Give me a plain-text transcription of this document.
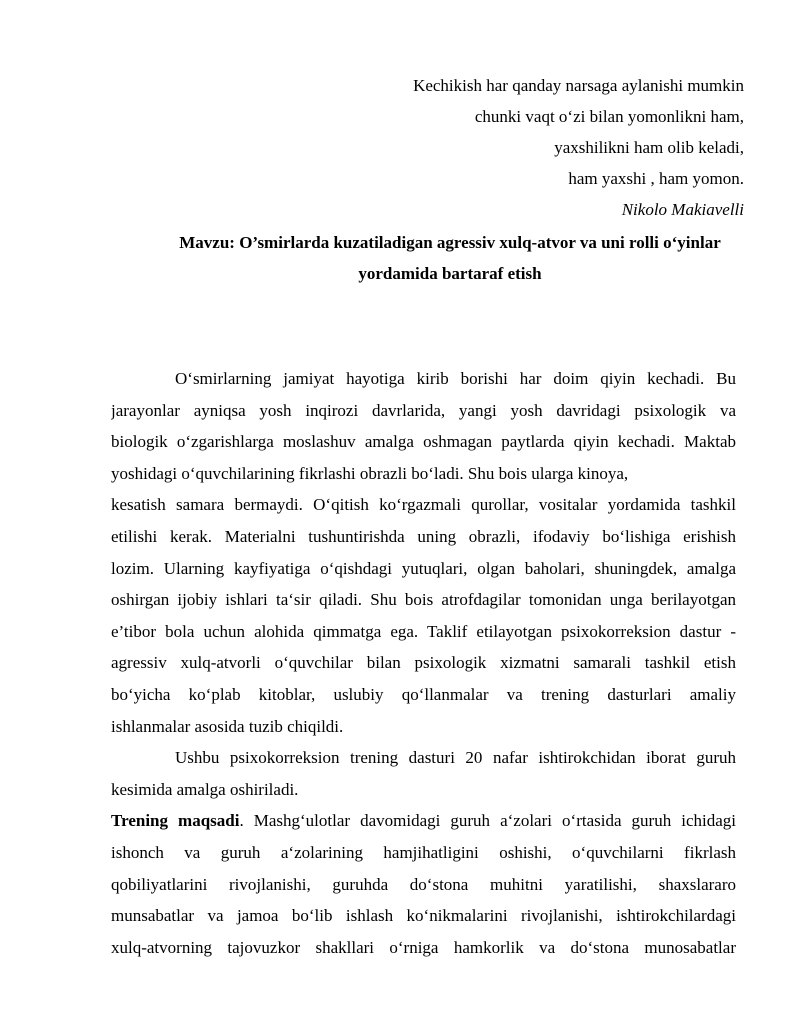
Kechikish har qanday narsaga aylanishi mumkin
chunki vaqt o‘zi bilan yomonlikni ham,
yaxshilikni ham olib keladi,
ham yaxshi , ham yomon.
Nikolo Makiavelli
Mavzu: O’smirlarda kuzatiladigan agressiv xulq-atvor va uni rolli o‘yinlar
yordamida bartaraf etish
O‘smirlarning jamiyat hayotiga kirib borishi har doim qiyin kechadi. Bu
jarayonlar ayniqsa yosh inqirozi davrlarida, yangi yosh davridagi psixologik va
biologik o‘zgarishlarga moslashuv amalga oshmagan paytlarda qiyin kechadi. Maktab
yoshidagi o‘quvchilarining fikrlashi obrazli bo‘ladi. Shu bois ularga kinoya,
kesatish samara bermaydi. O‘qitish ko‘rgazmali qurollar, vositalar yordamida tashkil
etilishi kerak. Materialni tushuntirishda uning obrazli, ifodaviy bo‘lishiga erishish
lozim. Ularning kayfiyatiga o‘qishdagi yutuqlari, olgan baholari, shuningdek, amalga
oshirgan ijobiy ishlari ta‘sir qiladi. Shu bois atrofdagilar tomonidan unga berilayotgan
e’tibor bola uchun alohida qimmatga ega. Taklif etilayotgan psixokorreksion dastur -
agressiv xulq-atvorli o‘quvchilar bilan psixologik xizmatni samarali tashkil etish
bo‘yicha ko‘plab kitoblar, uslubiy qo‘llanmalar va trening dasturlari amaliy
ishlanmalar asosida tuzib chiqildi.
Ushbu psixokorreksion trening dasturi 20 nafar ishtirokchidan iborat guruh
kesimida amalga oshiriladi.
Trening maqsadi. Mashg‘ulotlar davomidagi guruh a‘zolari o‘rtasida guruh ichidagi
ishonch va guruh a‘zolarining hamjihatligini oshishi, o‘quvchilarni fikrlash
qobiliyatlarini rivojlanishi, guruhda do‘stona muhitni yaratilishi, shaxslararo
munsabatlar va jamoa bo‘lib ishlash ko‘nikmalarini rivojlanishi, ishtirokchilardagi
xulq-atvorning tajovuzkor shakllari o‘rniga hamkorlik va do‘stona munosabatlar
